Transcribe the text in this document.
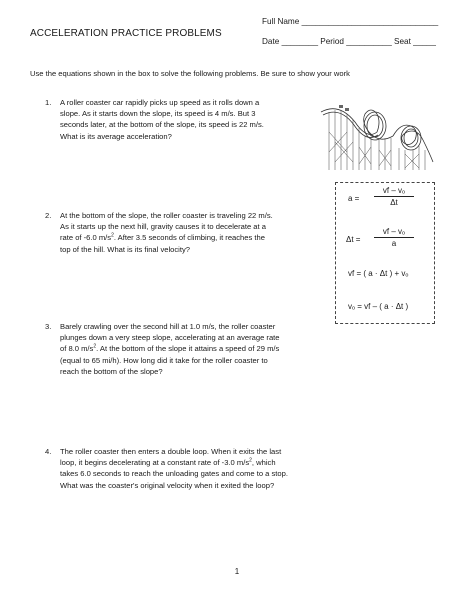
Full Name ______________________________
Date ________ Period __________ Seat _____
ACCELERATION PRACTICE PROBLEMS
Use the equations shown in the box to solve the following problems. Be sure to show your work
1. A roller coaster car rapidly picks up speed as it rolls down a
slope. As it starts down the slope, its speed is 4 m/s. But 3
seconds later, at the bottom of the slope, its speed is 22 m/s.
What is its average acceleration?
2. At the bottom of the slope, the roller coaster is traveling 22 m/s.
As it starts up the next hill, gravity causes it to decelerate at a
rate of -6.0 $m/s^2$. After 3.5 seconds of climbing, it reaches the
top of the hill. What is its final velocity?
3. Barely crawling over the second hill at 1.0 m/s, the roller coaster
plunges down a very steep slope, accelerating at an average rate
of 8.0 $m/s^2$. At the bottom of the slope it attains a speed of 29 m/s
(equal to 65 mi/h). How long did it take for the roller coaster to
reach the bottom of the slope?
4. The roller coaster then enters a double loop. When it exits the last
loop, it begins decelerating at a constant rate of -3.0 $m/s^2$, which
takes 6.0 seconds to reach the unloading gates and come to a stop.
What was the coaster's original velocity when it exited the loop?
a =
vf – vₒ
Δt
Δt =
vf – vₒ
a
vf = ( a · Δt ) + vₒ
vₒ = vf – ( a · Δt )
1
